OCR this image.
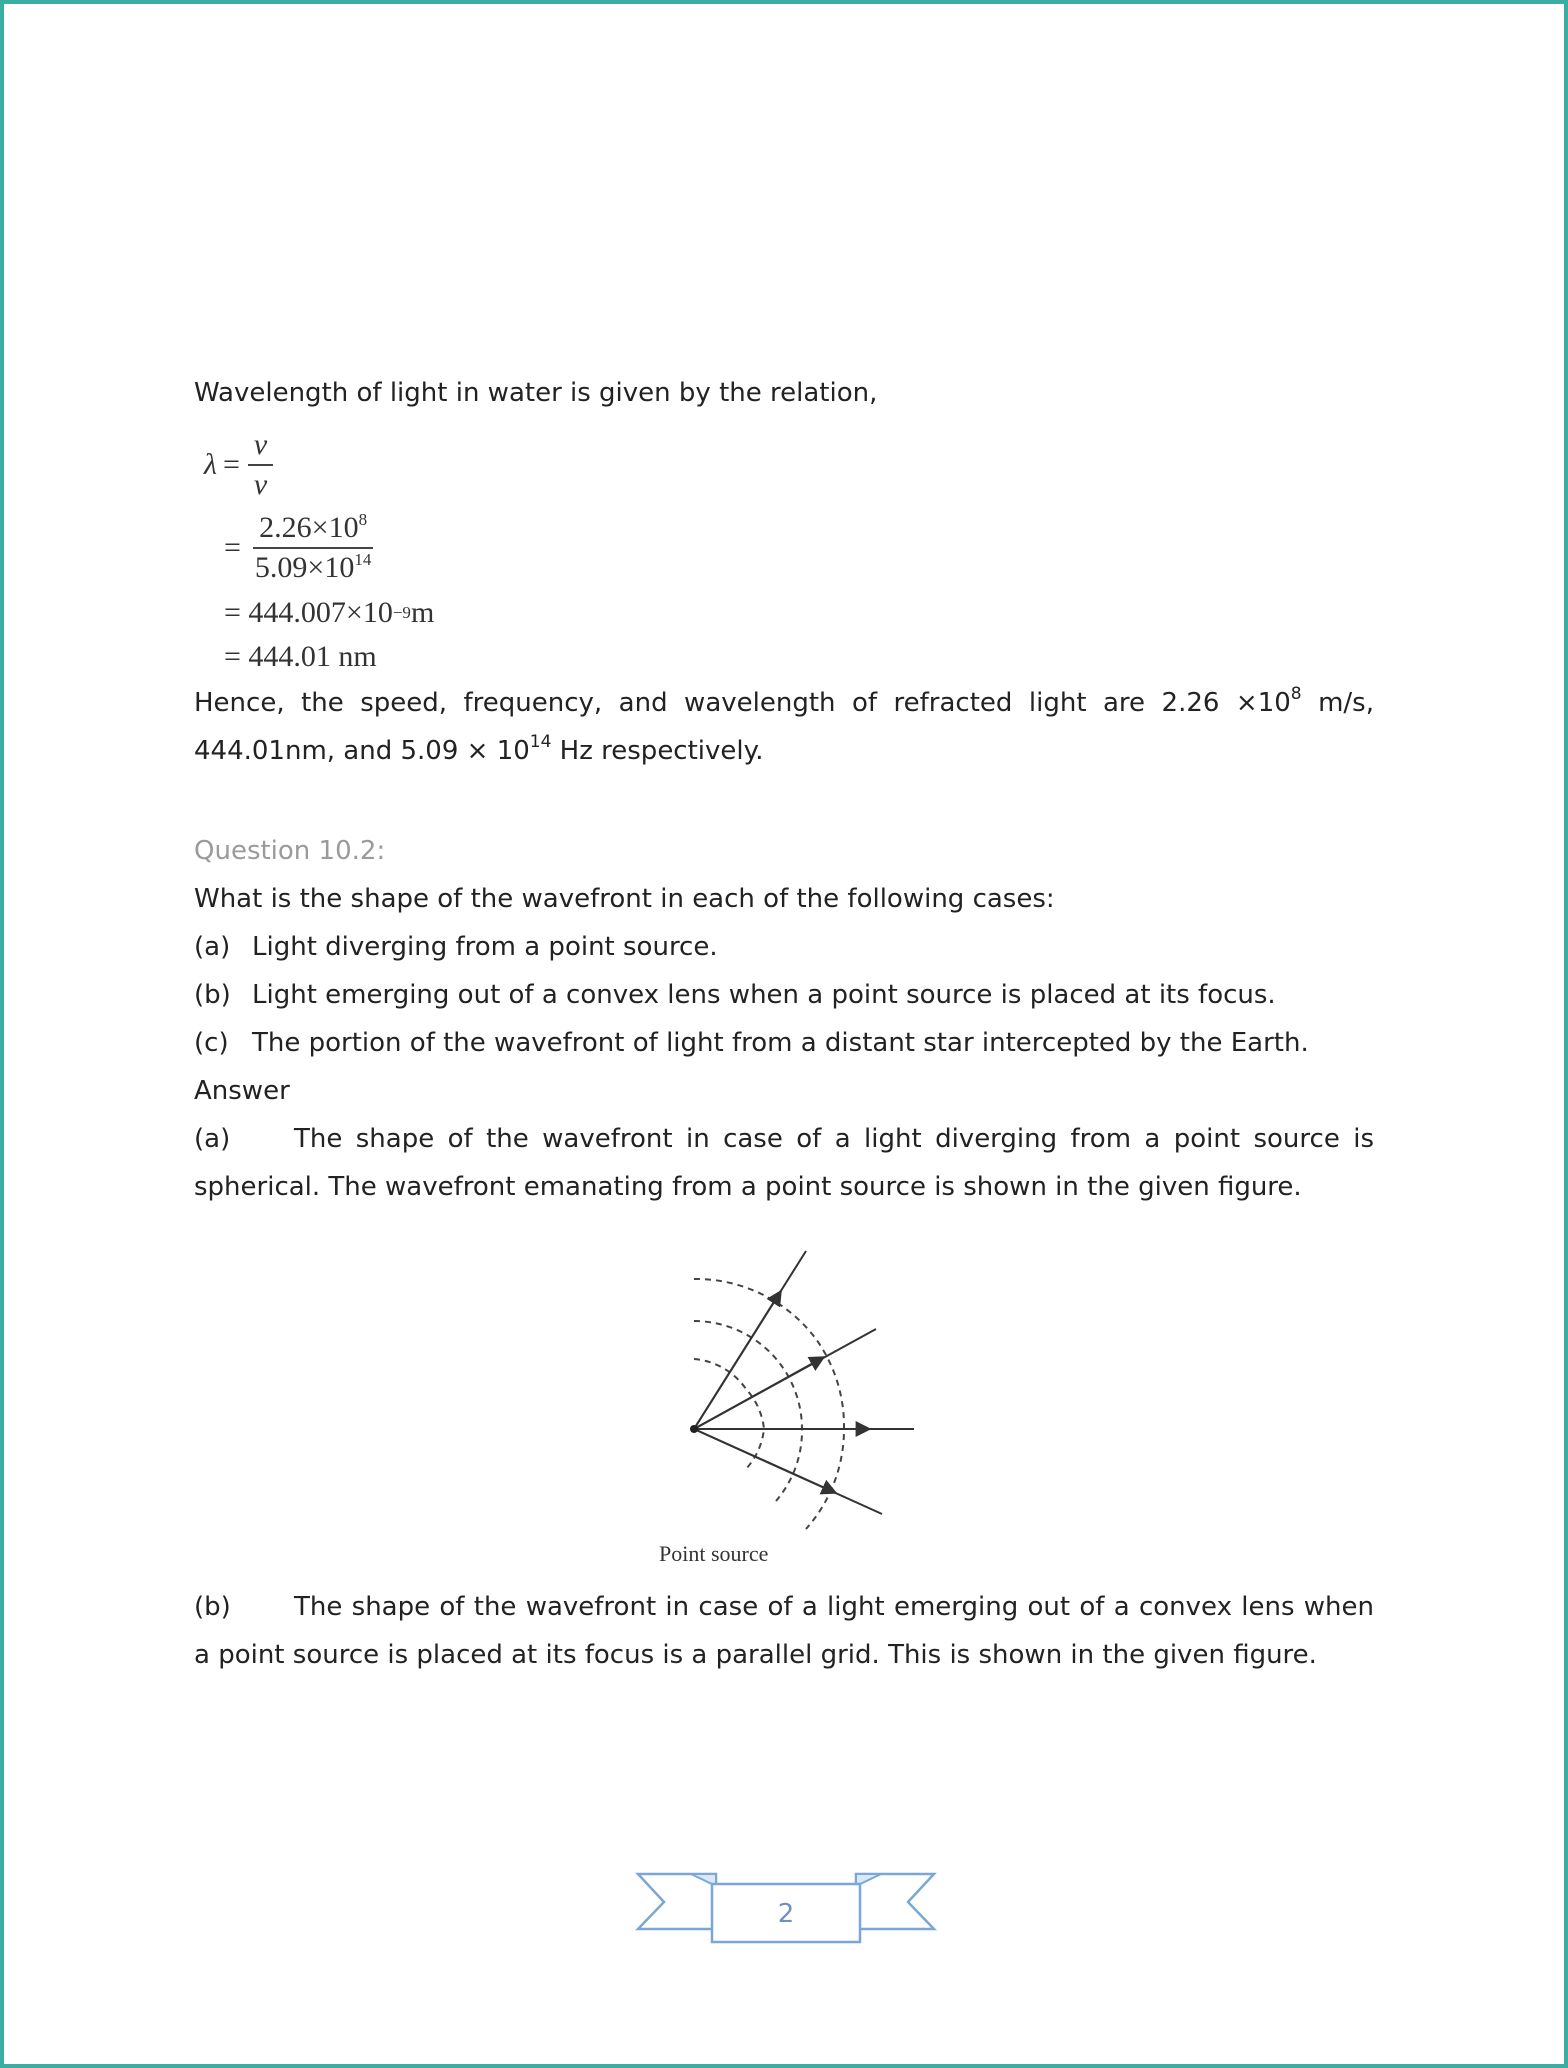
Wavelength of light in water is given by the relation,

$\lambda = \frac{v}{\nu}$
= $\frac{2.26\times 10^8}{5.09\times 10^{14}}$
= 444.007×10 −9 m
= 444.01 nm

Hence, the speed, frequency, and wavelength of refracted light are $2.26 \times 10^8$ m/s, 444.01nm, and $5.09 \times 10^{14}$ Hz respectively.

Question 10.2:

What is the shape of the wavefront in each of the following cases:

(a) Light diverging from a point source.
(b) Light emerging out of a convex lens when a point source is placed at its focus.
(c) The portion of the wavefront of light from a distant star intercepted by the Earth.

Answer

(a) The shape of the wavefront in case of a light diverging from a point source is spherical. The wavefront emanating from a point source is shown in the given figure.

(b) The shape of the wavefront in case of a light emerging out of a convex lens when a point source is placed at its focus is a parallel grid. This is shown in the given figure.

Point source
2
